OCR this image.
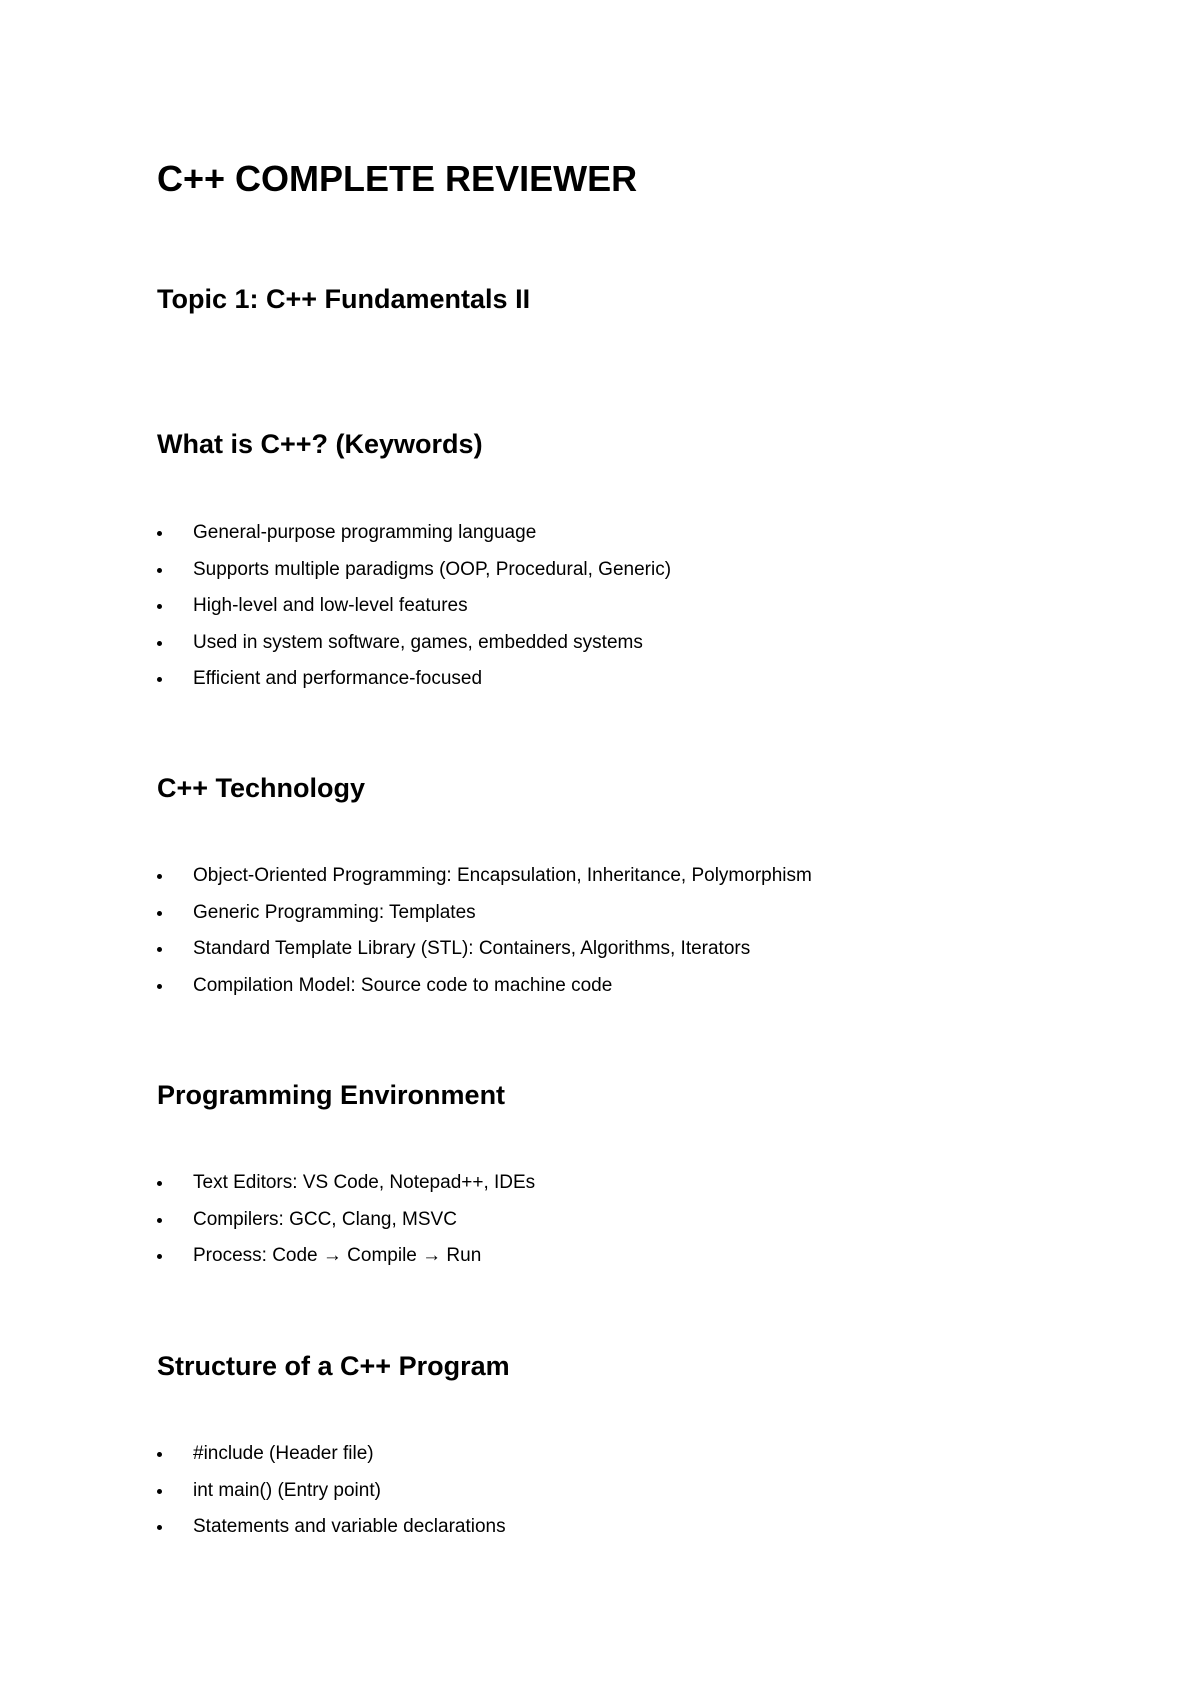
C++ COMPLETE REVIEWER
Topic 1: C++ Fundamentals II
What is C++? (Keywords)
General-purpose programming language
Supports multiple paradigms (OOP, Procedural, Generic)
High-level and low-level features
Used in system software, games, embedded systems
Efficient and performance-focused
C++ Technology
Object-Oriented Programming: Encapsulation, Inheritance, Polymorphism
Generic Programming: Templates
Standard Template Library (STL): Containers, Algorithms, Iterators
Compilation Model: Source code to machine code
Programming Environment
Text Editors: VS Code, Notepad++, IDEs
Compilers: GCC, Clang, MSVC
Process: Code → Compile → Run
Structure of a C++ Program
#include (Header file)
int main() (Entry point)
Statements and variable declarations
